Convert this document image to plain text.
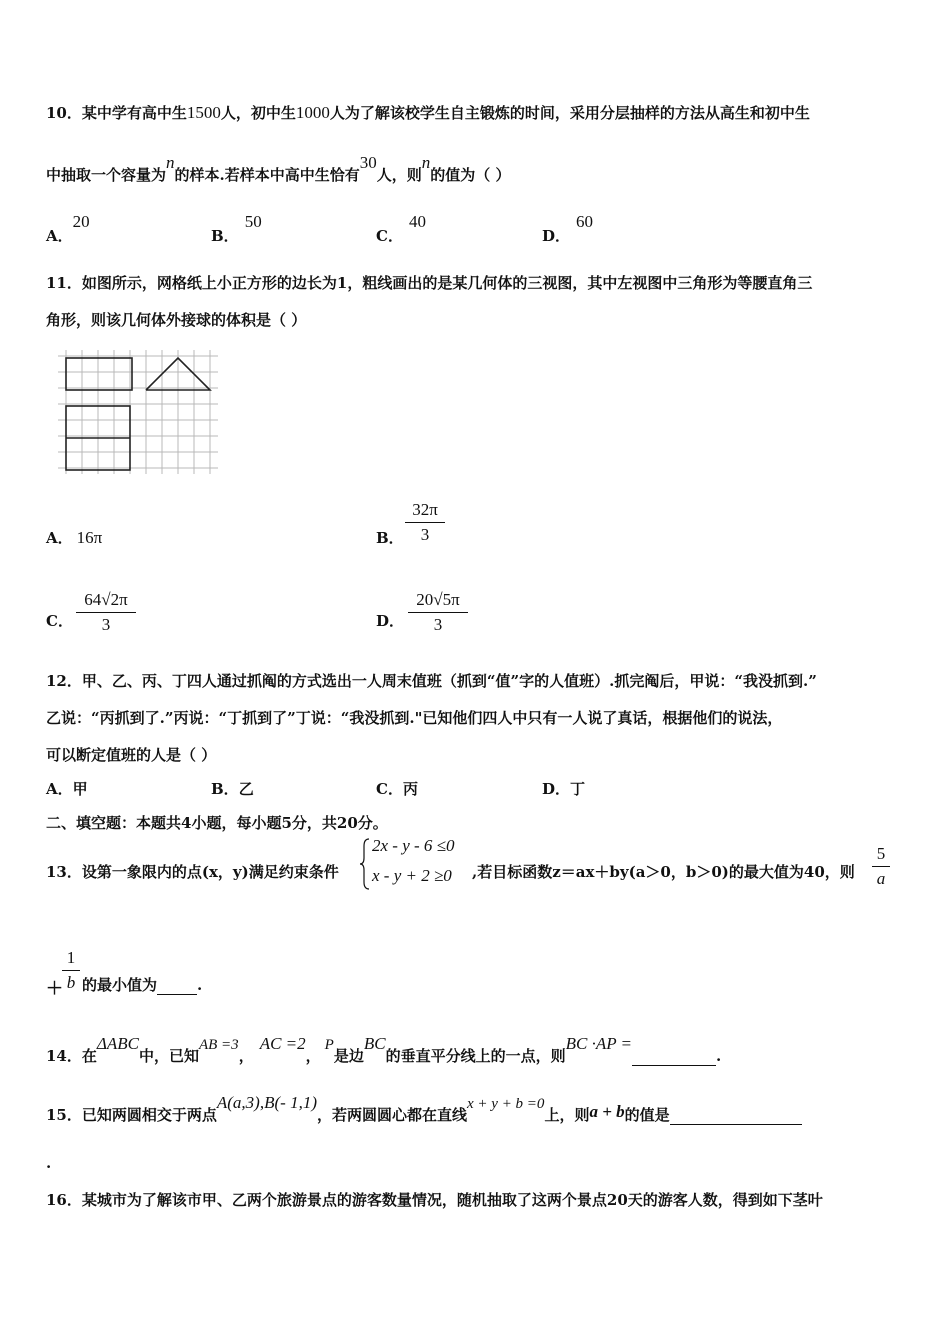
10．某中学有高中生1500人，初中生1000人为了解该校学生自主锻炼的时间，采用分层抽样的方法从高生和初中生
中抽取一个容量为n的样本.若样本中高中生恰有30人，则n的值为（ ）
A．20
B．50
C．40
D．60
11．如图所示，网格纸上小正方形的边长为1，粗线画出的是某几何体的三视图，其中左视图中三角形为等腰直角三
角形，则该几何体外接球的体积是（ ）
A． 16π	B．
32π
3
C．
64√2π
3	D．
20√5π
3
12．甲、乙、丙、丁四人通过抓阄的方式选出一人周末值班（抓到“值”字的人值班）.抓完阄后，甲说：“我没抓到.”
乙说：“丙抓到了.”丙说：“丁抓到了”丁说：“我没抓到."已知他们四人中只有一人说了真话，根据他们的说法，
可以断定值班的人是（ ）
A．甲	B．乙	C．丙	D．丁
二、填空题：本题共4小题，每小题5分，共20分。
13．设第一象限内的点(x，y)满足约束条件
2x - y - 6 ≤0
x - y + 2 ≥0 ,若目标函数z＝ax＋by(a＞0，b＞0)的最大值为40，则
5
a
＋
1
b 的最小值为	.
14．在ΔABC中，已知AB =3，AC =2，P是边BC的垂直平分线上的一点，则BC ·AP =.
15．已知两圆相交于两点A(a,3),B(- 1,1)，若两圆圆心都在直线x + y + b =0上，则a + b的值是
.
16．某城市为了解该市甲、乙两个旅游景点的游客数量情况，随机抽取了这两个景点20天的游客人数，得到如下茎叶
